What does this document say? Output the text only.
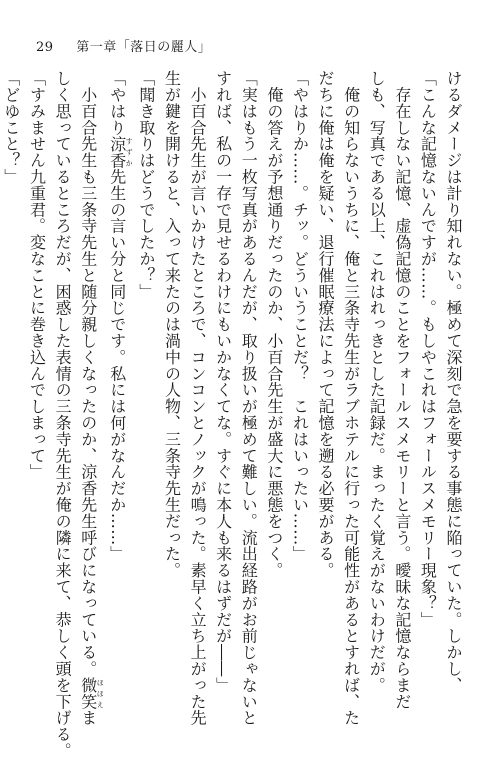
29 第一章「落日の麗人」
けるダメージは計り知れない。極めて深刻で急を要する事態に陥っていた。しかし、
「こんな記憶ないんですが……。もしやこれはフォールスメモリー現象？」
　存在しない記憶、虚偽記憶のことをフォールスメモリーと言う。曖昧な記憶ならまだ
しも、写真である以上、これはれっきとした記録だ。まったく覚えがないわけだが。
　俺の知らないうちに、俺と三条寺先生がラブホテルに行った可能性があるとすれば、た
だちに俺は俺を疑い、退行催眠療法によって記憶を遡る必要がある。
「やはりか……。チッ。どういうことだ？　これはいったい……」
　俺の答えが予想通りだったのか、小百合先生が盛大に悪態をつく。
「実はもう一枚写真があるんだが、取り扱いが極めて難しい。流出経路がお前じゃないと
すれば、私の一存で見せるわけにもいかなくてな。すぐに本人も来るはずだが――」
　小百合先生が言いかけたところで、コンコンとノックが鳴った。素早く立ち上がった先
生が鍵を開けると、入って来たのは渦中の人物、三条寺先生だった。
「聞き取りはどうでしたか？」
「やはり涼香すずか先生の言い分と同じです。私には何がなんだか……」
　小百合先生も三条寺先生と随分親しくなったのか、涼香先生呼びになっている。微笑ほほえま
しく思っているところだが、困惑した表情の三条寺先生が俺の隣に来て、恭しく頭を下げる。
「すみません九重君。変なことに巻き込んでしまって」
「どゆこと？」
